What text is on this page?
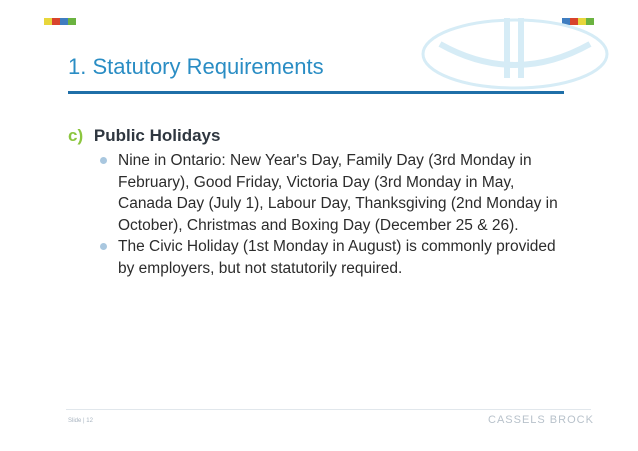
1. Statutory Requirements
c) Public Holidays
Nine in Ontario: New Year's Day, Family Day (3rd Monday in February), Good Friday, Victoria Day (3rd Monday in May, Canada Day (July 1), Labour Day, Thanksgiving (2nd Monday in October), Christmas and Boxing Day (December 25 & 26).
The Civic Holiday (1st Monday in August) is commonly provided by employers, but not statutorily required.
Slide | 12	CASSELS BROCK
